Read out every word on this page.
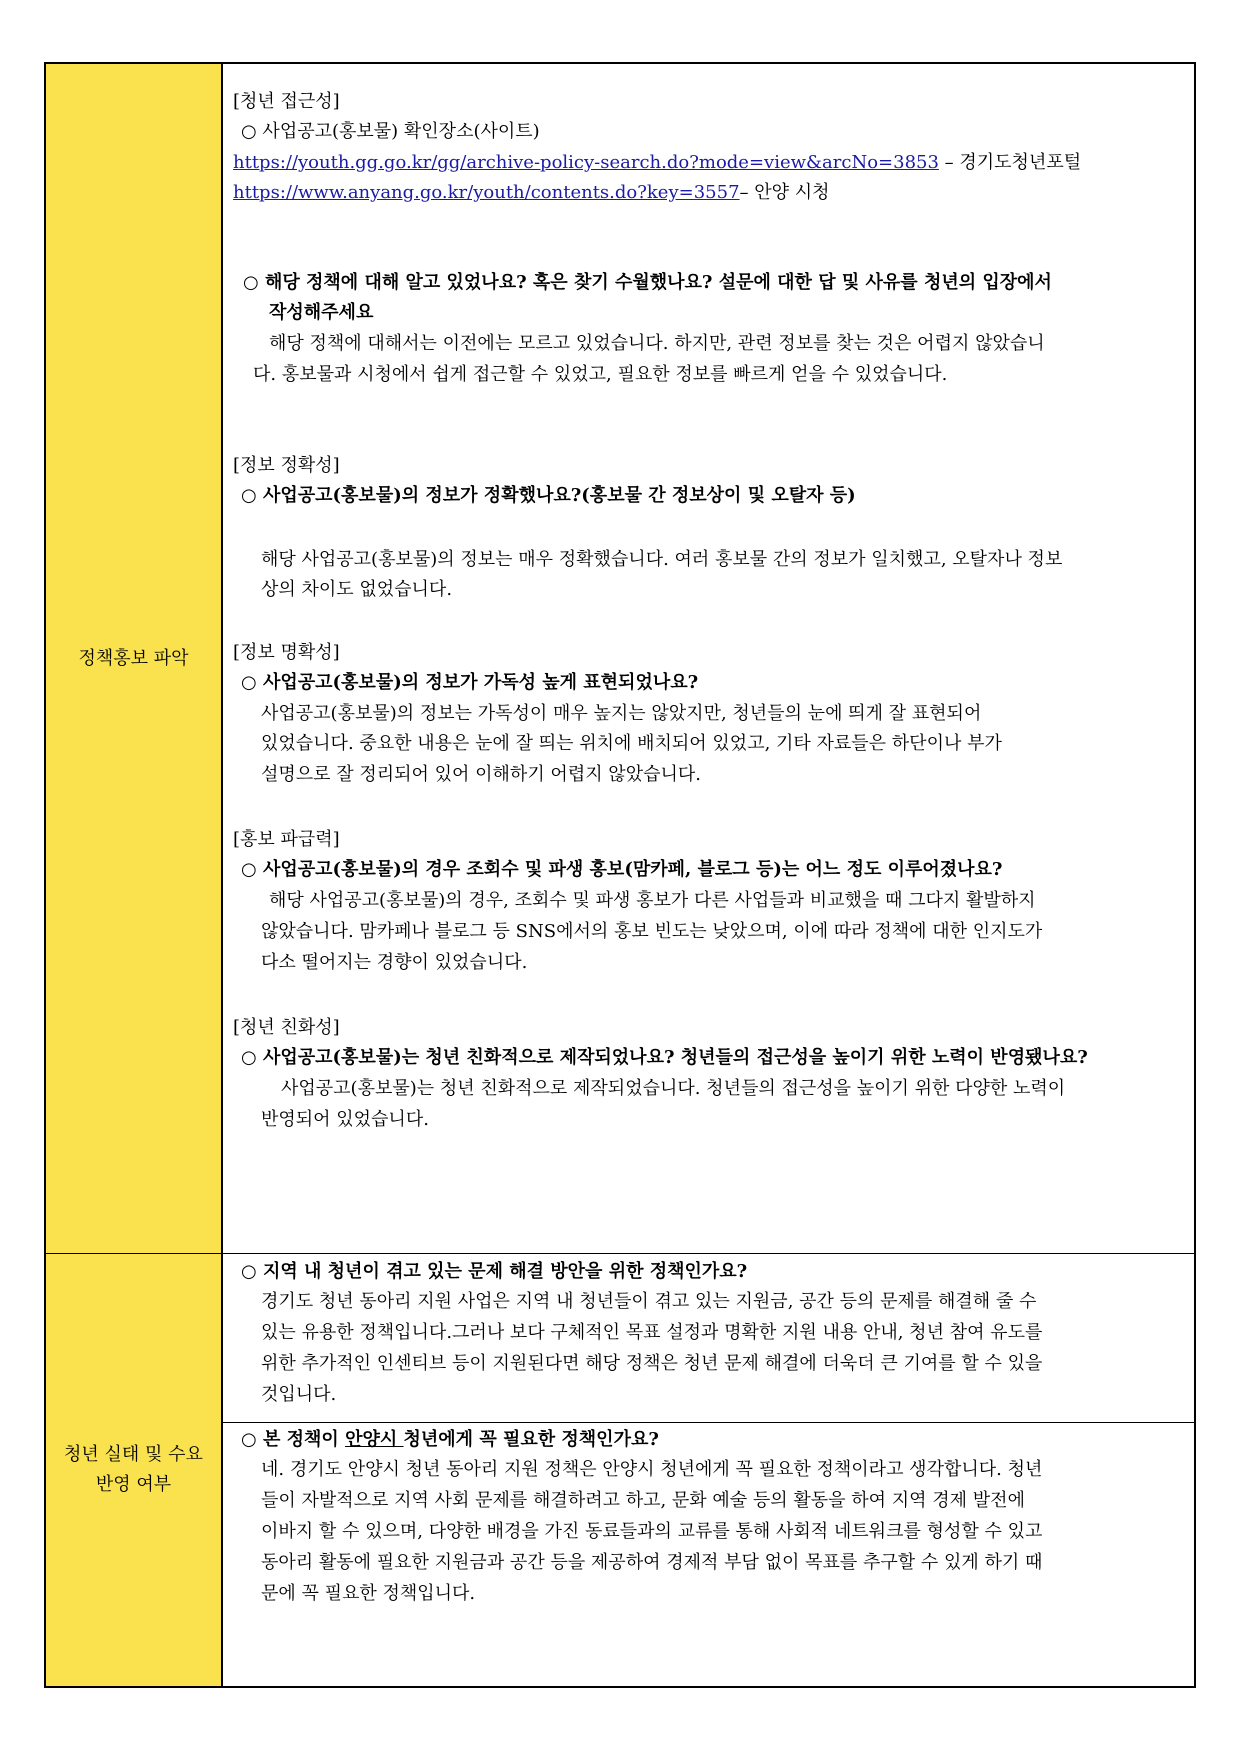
정책홍보 파악
[청년 접근성]
○ 사업공고(홍보물) 확인장소(사이트)
https://youth.gg.go.kr/gg/archive-policy-search.do?mode=view&arcNo=3853 – 경기도청년포털
https://www.anyang.go.kr/youth/contents.do?key=3557– 안양 시청
○ 해당 정책에 대해 알고 있었나요? 혹은 찾기 수월했나요? 설문에 대한 답 및 사유를 청년의 입장에서
작성해주세요
해당 정책에 대해서는 이전에는 모르고 있었습니다. 하지만, 관련 정보를 찾는 것은 어렵지 않았습니
다. 홍보물과 시청에서 쉽게 접근할 수 있었고, 필요한 정보를 빠르게 얻을 수 있었습니다.
[정보 정확성]
○ 사업공고(홍보물)의 정보가 정확했나요?(홍보물 간 정보상이 및 오탈자 등)
해당 사업공고(홍보물)의 정보는 매우 정확했습니다. 여러 홍보물 간의 정보가 일치했고, 오탈자나 정보
상의 차이도 없었습니다.
[정보 명확성]
○ 사업공고(홍보물)의 정보가 가독성 높게 표현되었나요?
사업공고(홍보물)의 정보는 가독성이 매우 높지는 않았지만, 청년들의 눈에 띄게 잘 표현되어
있었습니다. 중요한 내용은 눈에 잘 띄는 위치에 배치되어 있었고, 기타 자료들은 하단이나 부가
설명으로 잘 정리되어 있어 이해하기 어렵지 않았습니다.
[홍보 파급력]
○ 사업공고(홍보물)의 경우 조회수 및 파생 홍보(맘카페, 블로그 등)는 어느 정도 이루어졌나요?
해당 사업공고(홍보물)의 경우, 조회수 및 파생 홍보가 다른 사업들과 비교했을 때 그다지 활발하지
않았습니다. 맘카페나 블로그 등 SNS에서의 홍보 빈도는 낮았으며, 이에 따라 정책에 대한 인지도가
다소 떨어지는 경향이 있었습니다.
[청년 친화성]
○ 사업공고(홍보물)는 청년 친화적으로 제작되었나요? 청년들의 접근성을 높이기 위한 노력이 반영됐나요?
사업공고(홍보물)는 청년 친화적으로 제작되었습니다. 청년들의 접근성을 높이기 위한 다양한 노력이
반영되어 있었습니다.
청년 실태 및 수요
반영 여부
○ 지역 내 청년이 겪고 있는 문제 해결 방안을 위한 정책인가요?
경기도 청년 동아리 지원 사업은 지역 내 청년들이 겪고 있는 지원금, 공간 등의 문제를 해결해 줄 수
있는 유용한 정책입니다.그러나 보다 구체적인 목표 설정과 명확한 지원 내용 안내, 청년 참여 유도를
위한 추가적인 인센티브 등이 지원된다면 해당 정책은 청년 문제 해결에 더욱더 큰 기여를 할 수 있을
것입니다.
○ 본 정책이 안양시 청년에게 꼭 필요한 정책인가요?
네. 경기도 안양시 청년 동아리 지원 정책은 안양시 청년에게 꼭 필요한 정책이라고 생각합니다. 청년
들이 자발적으로 지역 사회 문제를 해결하려고 하고, 문화 예술 등의 활동을 하여 지역 경제 발전에
이바지 할 수 있으며, 다양한 배경을 가진 동료들과의 교류를 통해 사회적 네트워크를 형성할 수 있고
동아리 활동에 필요한 지원금과 공간 등을 제공하여 경제적 부담 없이 목표를 추구할 수 있게 하기 때
문에 꼭 필요한 정책입니다.
